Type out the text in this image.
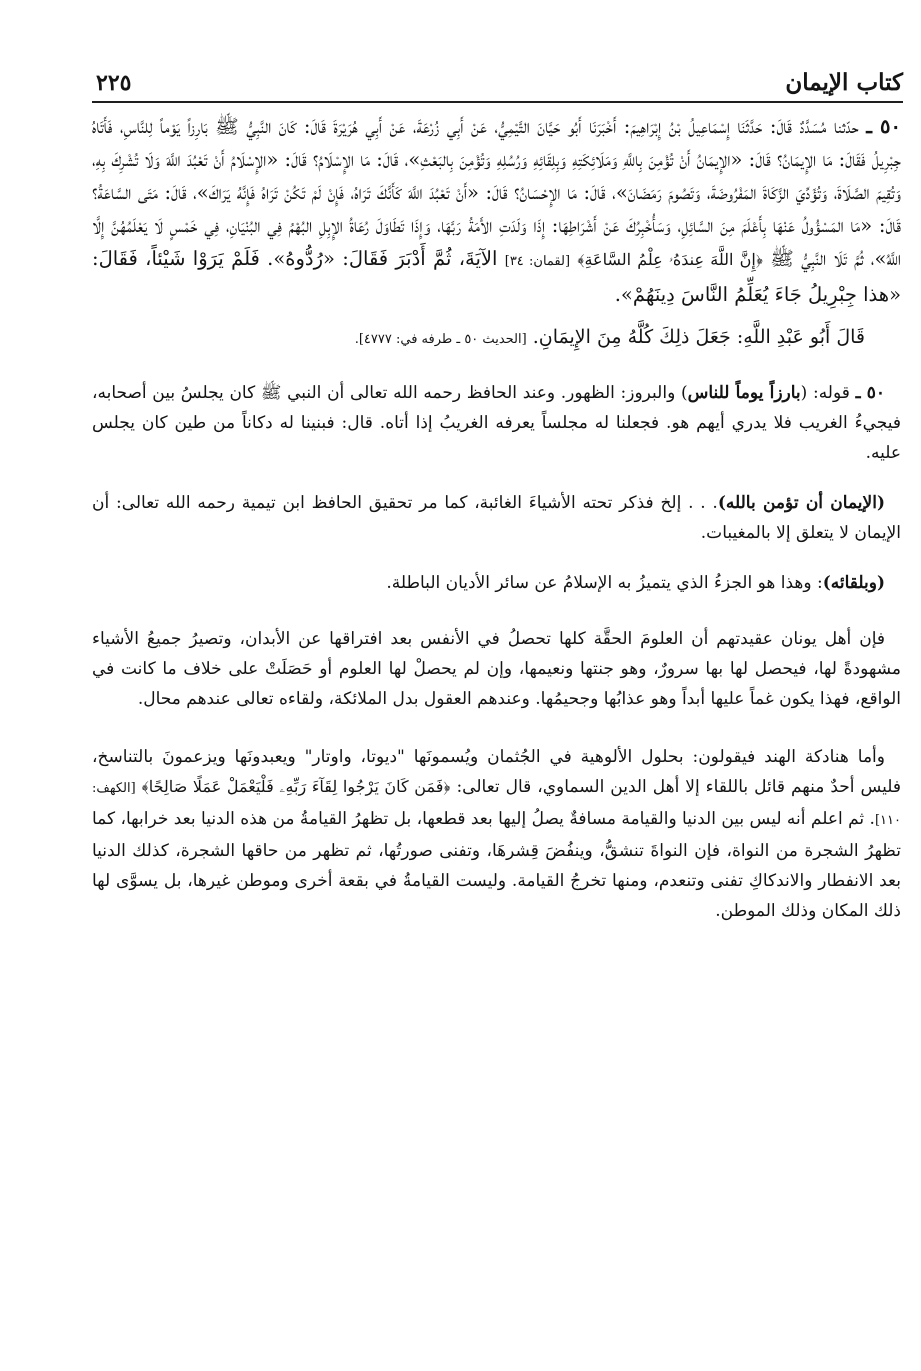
كتاب الإيمان
٢٢٥

٥٠ ـ حدّثنا مُسَدَّدٌ قَالَ: حَدَّثَنَا إِسْمَاعِيلُ بْنُ إِبْرَاهِيمَ: أَخْبَرَنَا أَبُو حَيَّانَ التَّيْمِيُّ، عَنْ أَبِي زُرْعَةَ، عَنْ أَبِي هُرَيْرَةَ قَالَ: كَانَ النَّبِيُّ ﷺ بَارِزاً يَوْماً لِلنَّاسِ، فَأَتَاهُ جِبْرِيلُ فَقَالَ: مَا الإِيمَانُ؟ قَالَ: «الإِيمَانُ أَنْ تُؤْمِنَ بِاللَّهِ وَمَلَائِكَتِهِ وَبِلِقَائِهِ وَرُسُلِهِ وَتُؤْمِنَ بِالبَعْثِ»، قَالَ: مَا الإِسْلَامُ؟ قَالَ: «الإِسْلَامُ أَنْ تَعْبُدَ اللَّهَ وَلَا تُشْرِكَ بِهِ، وَتُقِيمَ الصَّلَاةَ، وَتُؤَدِّيَ الزَّكَاةَ المَفْرُوضَةَ، وَتَصُومَ رَمَضَانَ»، قَالَ: مَا الإِحْسَانُ؟ قَالَ: «أَنْ تَعْبُدَ اللَّهَ كَأَنَّكَ تَرَاهُ، فَإِنْ لَمْ تَكُنْ تَرَاهُ فَإِنَّهُ يَرَاكَ»، قَالَ: مَتَى السَّاعَةُ؟ قَالَ: «مَا المَسْؤُولُ عَنْهَا بِأَعْلَمَ مِنَ السَّائِلِ، وَسَأُخْبِرُكَ عَنْ أَشْرَاطِهَا: إِذَا وَلَدَتِ الأَمَةُ رَبَّهَا، وَإِذَا تَطَاوَلَ رُعَاةُ الإِبِلِ البُهْمُ فِي البُنْيَانِ، فِي خَمْسٍ لَا يَعْلَمُهُنَّ إِلَّا اللَّهُ»، ثُمَّ تَلَا النَّبِيُّ ﷺ ﴿إِنَّ اللَّهَ عِندَهُۥ عِلْمُ السَّاعَةِ﴾ [لقمان: ٣٤] الآيَةَ، ثُمَّ أَدْبَرَ فَقَالَ: «رُدُّوهُ». فَلَمْ يَرَوْا شَيْئاً، فَقَالَ: «هذا جِبْرِيلُ جَاءَ يُعَلِّمُ النَّاسَ دِينَهُمْ».

قَالَ أَبُو عَبْدِ اللَّهِ: جَعَلَ ذلِكَ كُلَّهُ مِنَ الإِيمَانِ. [الحديث ٥٠ ـ طرفه في: ٤٧٧٧].

٥٠ ـ قوله: (بارزاً يوماً للناس) والبروز: الظهور. وعند الحافظ رحمه الله تعالى أن النبي ﷺ كان يجلسُ بين أصحابه، فيجيءُ الغريب فلا يدري أيهم هو. فجعلنا له مجلساً يعرفه الغريبُ إذا أتاه. قال: فبنينا له دكاناً من طين كان يجلس عليه.

(الإيمان أن تؤمن بالله). . . إلخ فذكر تحته الأشياءَ الغائبة، كما مر تحقيق الحافظ ابن تيمية رحمه الله تعالى: أن الإيمان لا يتعلق إلا بالمغيبات.

(وبلقائه): وهذا هو الجزءُ الذي يتميزُ به الإسلامُ عن سائر الأديان الباطلة.

فإن أهل يونان عقيدتهم أن العلومَ الحقَّة كلها تحصلُ في الأنفس بعد افتراقها عن الأبدان، وتصيرُ جميعُ الأشياء مشهودةً لها، فيحصل لها بها سرورٌ، وهو جنتها ونعيمها، وإن لم يحصلْ لها العلوم أو حَصَلَتْ على خلاف ما كانت في الواقع، فهذا يكون غماً عليها أبداً وهو عذابُها وجحيمُها. وعندهم العقول بدل الملائكة، ولقاءه تعالى عندهم محال.

وأما هنادكة الهند فيقولون: بحلول الألوهية في الجُثمان ويُسمونَها "ديوتا، واوتار" ويعبدونَها ويزعمونَ بالتناسخ، فليس أحدٌ منهم قائل باللقاء إلا أهل الدين السماوي، قال تعالى: ﴿فَمَن كَانَ يَرْجُوا لِقَآءَ رَبِّهِۦ فَلْيَعْمَلْ عَمَلًا صَالِحًا﴾ [الكهف: ١١٠]. ثم اعلم أنه ليس بين الدنيا والقيامة مسافةٌ يصلُ إليها بعد قطعها، بل تظهرُ القيامةُ من هذه الدنيا بعد خرابها، كما تظهرُ الشجرة من النواة، فإن النواةَ تنشقُّ، وينفُضَ قِشرهَا، وتفنى صورتُها، ثم تظهر من حاقها الشجرة، كذلك الدنيا بعد الانفطار والاندكاكِ تفنى وتنعدم، ومنها تخرجُ القيامة. وليست القيامةُ في بقعة أخرى وموطن غيرها، بل يسوَّى لها ذلك المكان وذلك الموطن.
